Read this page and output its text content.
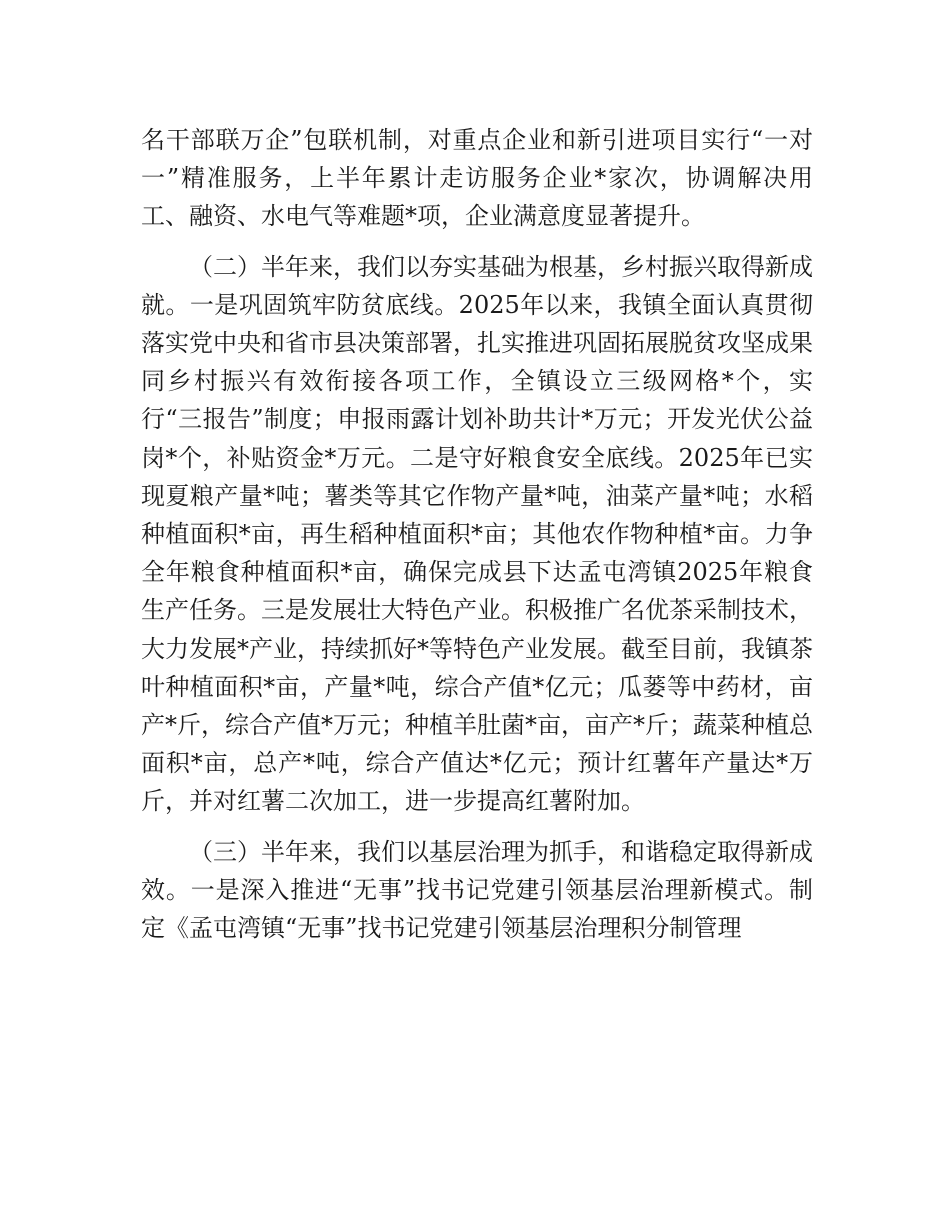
名干部联万企”包联机制，对重点企业和新引进项目实行“一对一”精准服务，上半年累计走访服务企业*家次，协调解决用工、融资、水电气等难题*项，企业满意度显著提升。

（二）半年来，我们以夯实基础为根基，乡村振兴取得新成就。一是巩固筑牢防贫底线。2025年以来，我镇全面认真贯彻落实党中央和省市县决策部署，扎实推进巩固拓展脱贫攻坚成果同乡村振兴有效衔接各项工作，全镇设立三级网格*个，实行“三报告”制度；申报雨露计划补助共计*万元；开发光伏公益岗*个，补贴资金*万元。二是守好粮食安全底线。2025年已实现夏粮产量*吨；薯类等其它作物产量*吨，油菜产量*吨；水稻种植面积*亩，再生稻种植面积*亩；其他农作物种植*亩。力争全年粮食种植面积*亩，确保完成县下达孟屯湾镇2025年粮食生产任务。三是发展壮大特色产业。积极推广名优茶采制技术，大力发展*产业，持续抓好*等特色产业发展。截至目前，我镇茶叶种植面积*亩，产量*吨，综合产值*亿元；瓜蒌等中药材，亩产*斤，综合产值*万元；种植羊肚菌*亩，亩产*斤；蔬菜种植总面积*亩，总产*吨，综合产值达*亿元；预计红薯年产量达*万斤，并对红薯二次加工，进一步提高红薯附加。

（三）半年来，我们以基层治理为抓手，和谐稳定取得新成效。一是深入推进“无事”找书记党建引领基层治理新模式。制定《孟屯湾镇“无事”找书记党建引领基层治理积分制管理
